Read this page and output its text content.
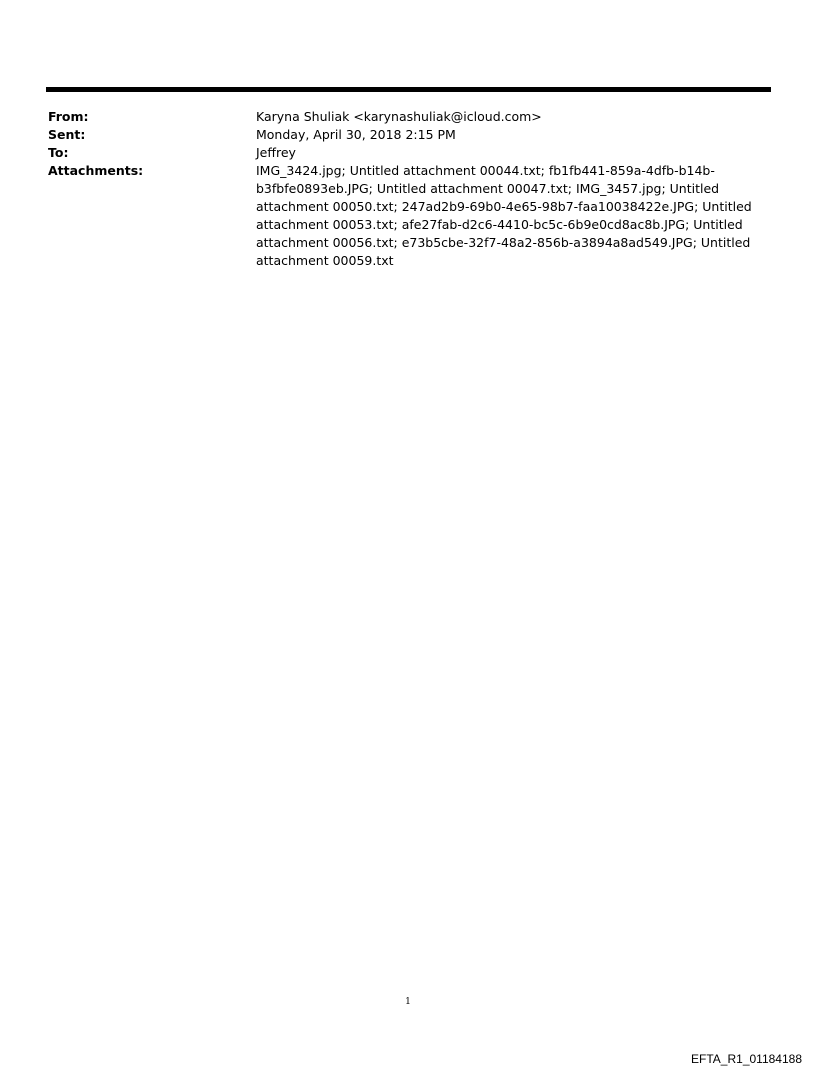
From:	Karyna Shuliak <karynashuliak@icloud.com>
Sent:	Monday, April 30, 2018 2:15 PM
To:	Jeffrey
Attachments:	IMG_3424.jpg; Untitled attachment 00044.txt; fb1fb441-859a-4dfb-b14b-b3fbfe0893eb.JPG; Untitled attachment 00047.txt; IMG_3457.jpg; Untitled attachment 00050.txt; 247ad2b9-69b0-4e65-98b7-faa10038422e.JPG; Untitled attachment 00053.txt; afe27fab-d2c6-4410-bc5c-6b9e0cd8ac8b.JPG; Untitled attachment 00056.txt; e73b5cbe-32f7-48a2-856b-a3894a8ad549.JPG; Untitled attachment 00059.txt
1
EFTA_R1_01184188
